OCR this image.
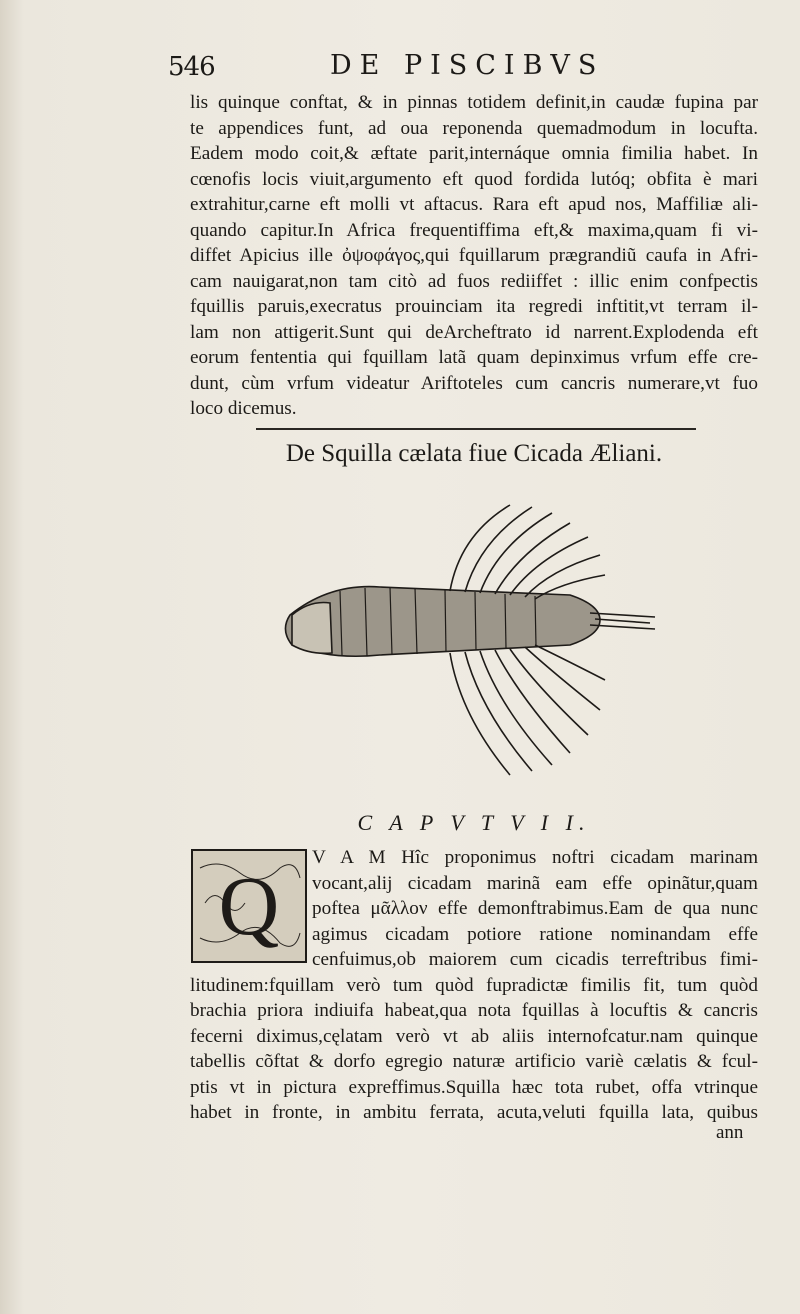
546	DE PISCIBVS
lis quinque conftat, & in pinnas totidem definit,in caudæ fupina par
te appendices funt, ad oua reponenda quemadmodum in locufta.
Eadem modo coit,& æftate parit,internáque omnia fimilia habet. In
cœnofis locis viuit,argumento eft quod fordida lutóq; obfita è mari
extrahitur,carne eft molli vt aftacus. Rara eft apud nos, Maffiliæ ali-
quando capitur.In Africa frequentiffima eft,& maxima,quam fi vi-
diffet Apicius ille ὀψοφάγος,qui fquillarum prægrandiũ caufa in Afri-
cam nauigarat,non tam citò ad fuos rediiffet : illic enim confpectis
fquillis paruis,execratus prouinciam ita regredi inftitit,vt terram il-
lam non attigerit.Sunt qui deArcheftrato id narrent.Explodenda eft
eorum fententia qui fquillam latã quam depinximus vrfum effe cre-
dunt, cùm vrfum videatur Ariftoteles cum cancris numerare,vt fuo
loco dicemus.
De Squilla cælata fiue Cicada Æliani.
C A P V T V I I.
Q
V A M Hîc proponimus noftri cicadam marinam
vocant,alij cicadam marinã eam effe opinãtur,quam
poftea μᾶλλον effe demonftrabimus.Eam de qua nunc
agimus cicadam potiore ratione nominandam effe
cenfuimus,ob maiorem cum cicadis terreftribus fimi-
litudinem:fquillam verò tum quòd fupradictæ fimilis fit, tum quòd
brachia priora indiuifa habeat,qua nota fquillas à locuftis & cancris
fecerni diximus,cęlatam verò vt ab aliis internofcatur.nam quinque
tabellis cõftat & dorfo egregio naturæ artificio variè cælatis & fcul-
ptis vt in pictura expreffimus.Squilla hæc tota rubet, offa vtrinque
habet in fronte, in ambitu ferrata, acuta,veluti fquilla lata, quibus
ann
